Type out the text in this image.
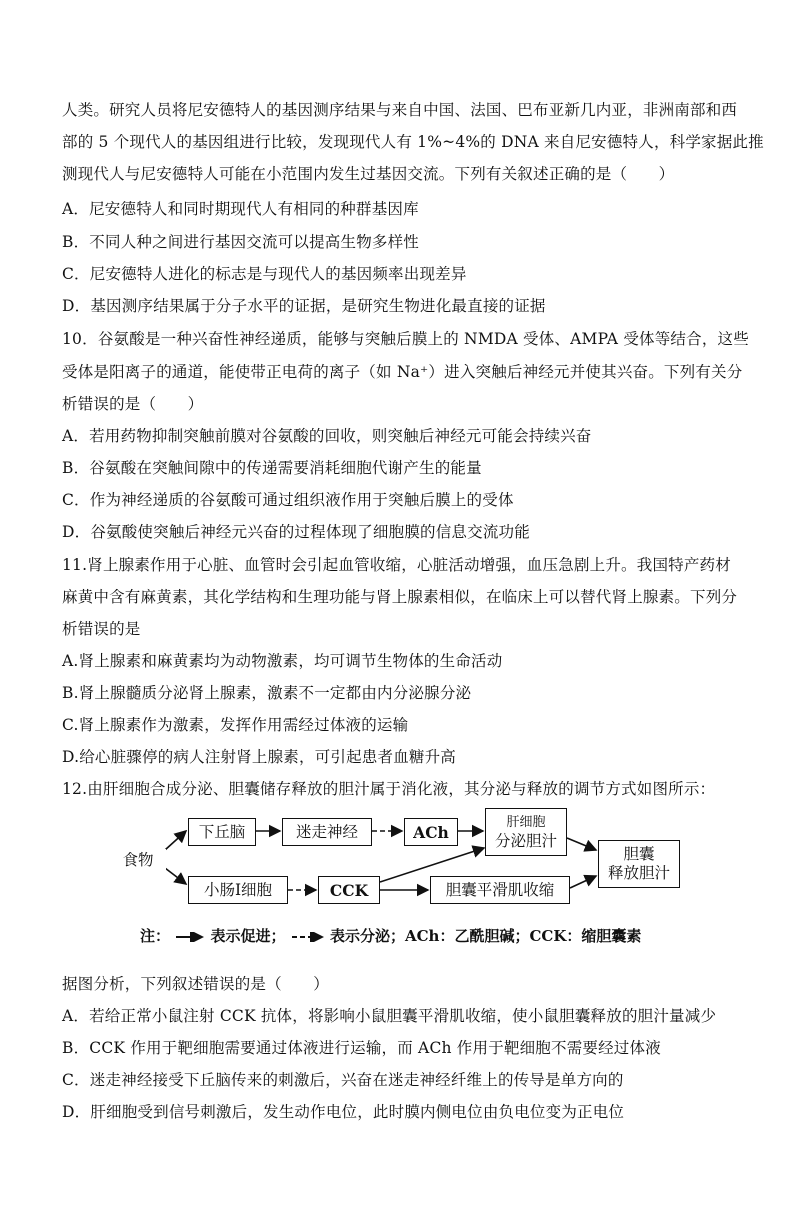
人类。研究人员将尼安德特人的基因测序结果与来自中国、法国、巴布亚新几内亚，非洲南部和西
部的 5 个现代人的基因组进行比较，发现现代人有 1%~4%的 DNA 来自尼安德特人，科学家据此推
测现代人与尼安德特人可能在小范围内发生过基因交流。下列有关叙述正确的是（　　）
A．尼安德特人和同时期现代人有相同的种群基因库
B．不同人种之间进行基因交流可以提高生物多样性
C．尼安德特人进化的标志是与现代人的基因频率出现差异
D．基因测序结果属于分子水平的证据，是研究生物进化最直接的证据
10．谷氨酸是一种兴奋性神经递质，能够与突触后膜上的 NMDA 受体、AMPA 受体等结合，这些
受体是阳离子的通道，能使带正电荷的离子（如 Na⁺）进入突触后神经元并使其兴奋。下列有关分
析错误的是（　　）
A．若用药物抑制突触前膜对谷氨酸的回收，则突触后神经元可能会持续兴奋
B．谷氨酸在突触间隙中的传递需要消耗细胞代谢产生的能量
C．作为神经递质的谷氨酸可通过组织液作用于突触后膜上的受体
D．谷氨酸使突触后神经元兴奋的过程体现了细胞膜的信息交流功能
11.肾上腺素作用于心脏、血管时会引起血管收缩，心脏活动增强，血压急剧上升。我国特产药材
麻黄中含有麻黄素，其化学结构和生理功能与肾上腺素相似，在临床上可以替代肾上腺素。下列分
析错误的是
A.肾上腺素和麻黄素均为动物激素，均可调节生物体的生命活动
B.肾上腺髓质分泌肾上腺素，激素不一定都由内分泌腺分泌
C.肾上腺素作为激素，发挥作用需经过体液的运输
D.给心脏骤停的病人注射肾上腺素，可引起患者血糖升高
12.由肝细胞合成分泌、胆囊储存释放的胆汁属于消化液，其分泌与释放的调节方式如图所示：
食物
下丘脑	迷走神经	ACh	肝细胞
分泌胆汁
小肠Ⅰ细胞	CCK	胆囊平滑肌收缩
胆囊
释放胆汁
注：	表示促进；	表示分泌；ACh：乙酰胆碱；CCK：缩胆囊素
据图分析，下列叙述错误的是（　　）
A．若给正常小鼠注射 CCK 抗体，将影响小鼠胆囊平滑肌收缩，使小鼠胆囊释放的胆汁量减少
B．CCK 作用于靶细胞需要通过体液进行运输，而 ACh 作用于靶细胞不需要经过体液
C．迷走神经接受下丘脑传来的刺激后，兴奋在迷走神经纤维上的传导是单方向的
D．肝细胞受到信号刺激后，发生动作电位，此时膜内侧电位由负电位变为正电位
